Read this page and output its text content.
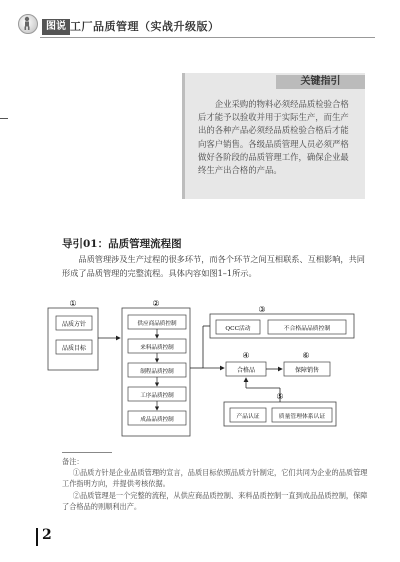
图说 工厂品质管理（实战升级版）
关键指引
企业采购的物料必须经品质检验合格后才能予以验收并用于实际生产，而生产出的各种产品必须经品质检验合格后才能向客户销售。各级品质管理人员必须严格做好各阶段的品质管理工作，确保企业最终生产出合格的产品。
导引01：品质管理流程图
品质管理涉及生产过程的很多环节，而各个环节之间互相联系、互相影响，共同形成了品质管理的完整流程。具体内容如图1–1所示。
①
品质方针
品质目标
②
供应商品质控制
来料品质控制
制程品质控制
工序品质控制
成品品质控制
③
QCC活动	不合格品品质控制
④
合格品
⑥
保障销售
⑤
产品认证	质量管理体系认证

备注：

①品质方针是企业品质管理的宣言，品质目标依照品质方针制定，它们共同为企业的品质管理工作指明方向，并提供考核依据。

②品质管理是一个完整的流程，从供应商品质控制、来料品质控制一直到成品品质控制，保障了合格品的则顺利出产。

2
